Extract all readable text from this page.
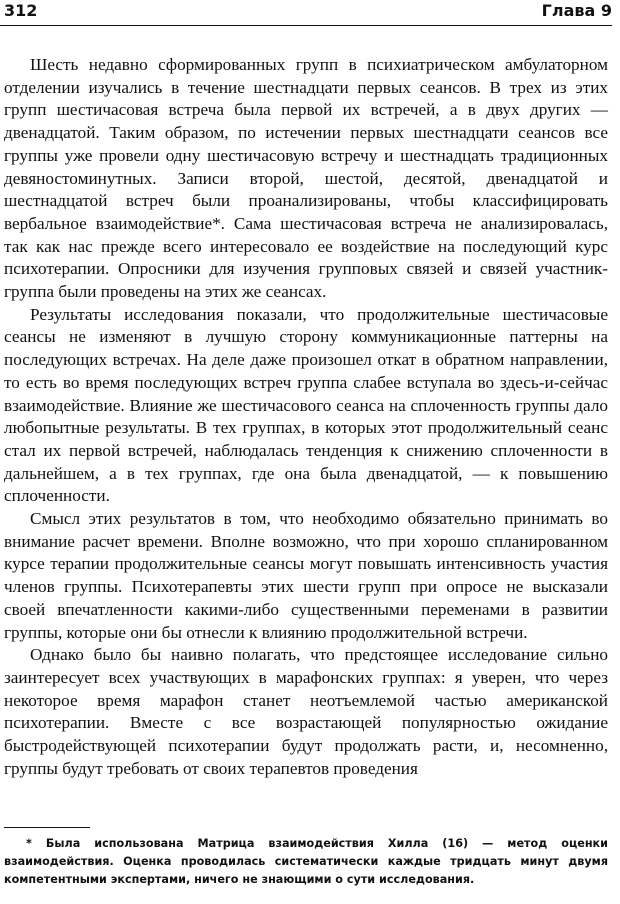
312	Глава 9

Шесть недавно сформированных групп в психиатрическом амбулаторном отделении изучались в течение шестнадцати первых сеансов. В трех из этих групп шестичасовая встреча была первой их встречей, а в двух других — двенадцатой. Таким образом, по истечении первых шестнадцати сеансов все группы уже провели одну шестичасовую встречу и шестнадцать традиционных девяностоминутных. Записи второй, шестой, десятой, двенадцатой и шестнадцатой встреч были проанализированы, чтобы классифицировать вербальное взаимодействие*. Сама шестичасовая встреча не анализировалась, так как нас прежде всего интересовало ее воздействие на последующий курс психотерапии. Опросники для изучения групповых связей и связей участник-группа были проведены на этих же сеансах.

Результаты исследования показали, что продолжительные шестичасовые сеансы не изменяют в лучшую сторону коммуникационные паттерны на последующих встречах. На деле даже произошел откат в обратном направлении, то есть во время последующих встреч группа слабее вступала во здесь-и-сейчас взаимодействие. Влияние же шестичасового сеанса на сплоченность группы дало любопытные результаты. В тех группах, в которых этот продолжительный сеанс стал их первой встречей, наблюдалась тенденция к снижению сплоченности в дальнейшем, а в тех группах, где она была двенадцатой, — к повышению сплоченности.

Смысл этих результатов в том, что необходимо обязательно принимать во внимание расчет времени. Вполне возможно, что при хорошо спланированном курсе терапии продолжительные сеансы могут повышать интенсивность участия членов группы. Психотерапевты этих шести групп при опросе не высказали своей впечатленности какими-либо существенными переменами в развитии группы, которые они бы отнесли к влиянию продолжительной встречи.

Однако было бы наивно полагать, что предстоящее исследование сильно заинтересует всех участвующих в марафонских группах: я уверен, что через некоторое время марафон станет неотъемлемой частью американской психотерапии. Вместе с все возрастающей популярностью ожидание быстродействующей психотерапии будут продолжать расти, и, несомненно, группы будут требовать от своих терапевтов проведения

* Была использована Матрица взаимодействия Хилла (16) — метод оценки взаимодействия. Оценка проводилась систематически каждые тридцать минут двумя компетентными экспертами, ничего не знающими о сути исследования.
